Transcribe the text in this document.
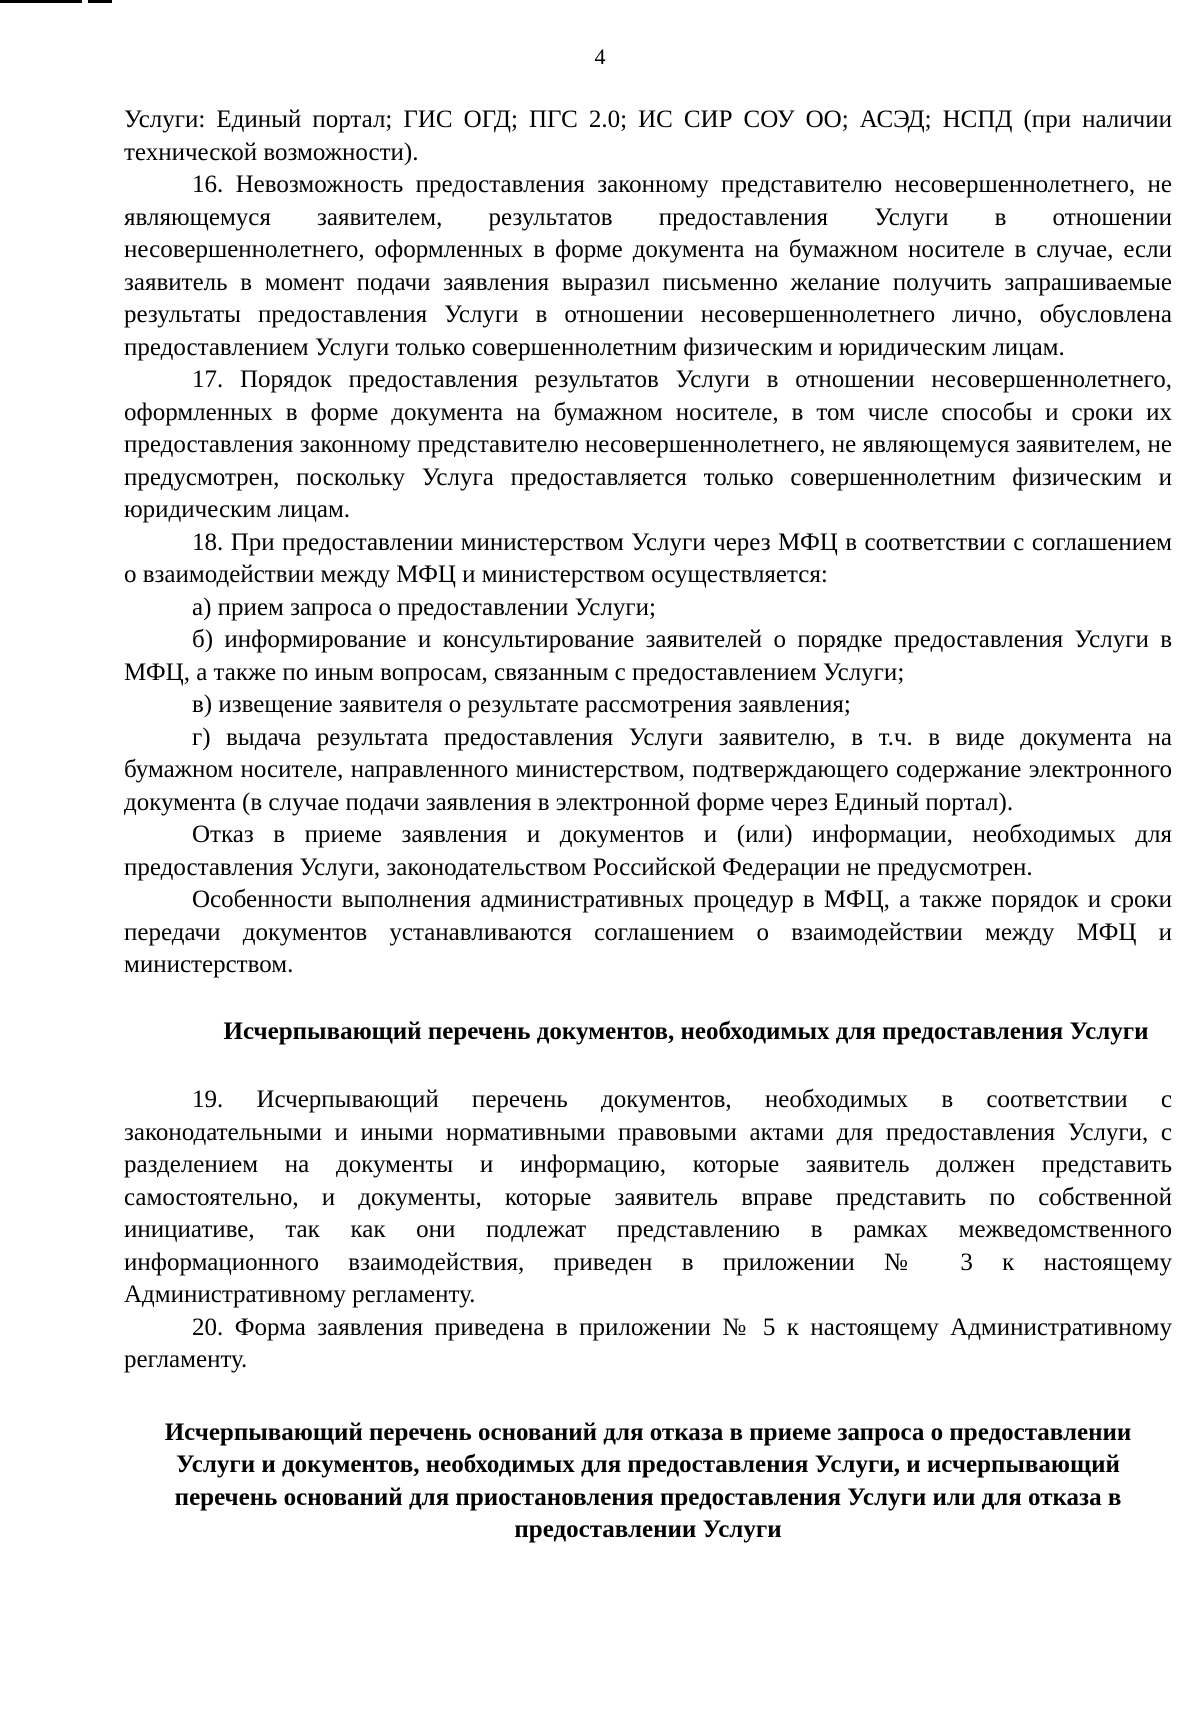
4

Услуги: Единый портал; ГИС ОГД; ПГС 2.0; ИС СИР СОУ ОО; АСЭД; НСПД (при наличии технической возможности).

16. Невозможность предоставления законному представителю несовершеннолетнего, не являющемуся заявителем, результатов предоставления Услуги в отношении несовершеннолетнего, оформленных в форме документа на бумажном носителе в случае, если заявитель в момент подачи заявления выразил письменно желание получить запрашиваемые результаты предоставления Услуги в отношении несовершеннолетнего лично, обусловлена предоставлением Услуги только совершеннолетним физическим и юридическим лицам.

17. Порядок предоставления результатов Услуги в отношении несовершеннолетнего, оформленных в форме документа на бумажном носителе, в том числе способы и сроки их предоставления законному представителю несовершеннолетнего, не являющемуся заявителем, не предусмотрен, поскольку Услуга предоставляется только совершеннолетним физическим и юридическим лицам.

18. При предоставлении министерством Услуги через МФЦ в соответствии с соглашением о взаимодействии между МФЦ и министерством осуществляется:

а) прием запроса о предоставлении Услуги;

б) информирование и консультирование заявителей о порядке предоставления Услуги в МФЦ, а также по иным вопросам, связанным с предоставлением Услуги;

в) извещение заявителя о результате рассмотрения заявления;

г) выдача результата предоставления Услуги заявителю, в т.ч. в виде документа на бумажном носителе, направленного министерством, подтверждающего содержание электронного документа (в случае подачи заявления в электронной форме через Единый портал).

Отказ в приеме заявления и документов и (или) информации, необходимых для предоставления Услуги, законодательством Российской Федерации не предусмотрен.

Особенности выполнения административных процедур в МФЦ, а также порядок и сроки передачи документов устанавливаются соглашением о взаимодействии между МФЦ и министерством.

Исчерпывающий перечень документов, необходимых для предоставления Услуги

19. Исчерпывающий перечень документов, необходимых в соответствии с законодательными и иными нормативными правовыми актами для предоставления Услуги, с разделением на документы и информацию, которые заявитель должен представить самостоятельно, и документы, которые заявитель вправе представить по собственной инициативе, так как они подлежат представлению в рамках межведомственного информационного взаимодействия, приведен в приложении № 3 к настоящему Административному регламенту.

20. Форма заявления приведена в приложении № 5 к настоящему Административному регламенту.

Исчерпывающий перечень оснований для отказа в приеме запроса о предоставлении Услуги и документов, необходимых для предоставления Услуги, и исчерпывающий перечень оснований для приостановления предоставления Услуги или для отказа в предоставлении Услуги
